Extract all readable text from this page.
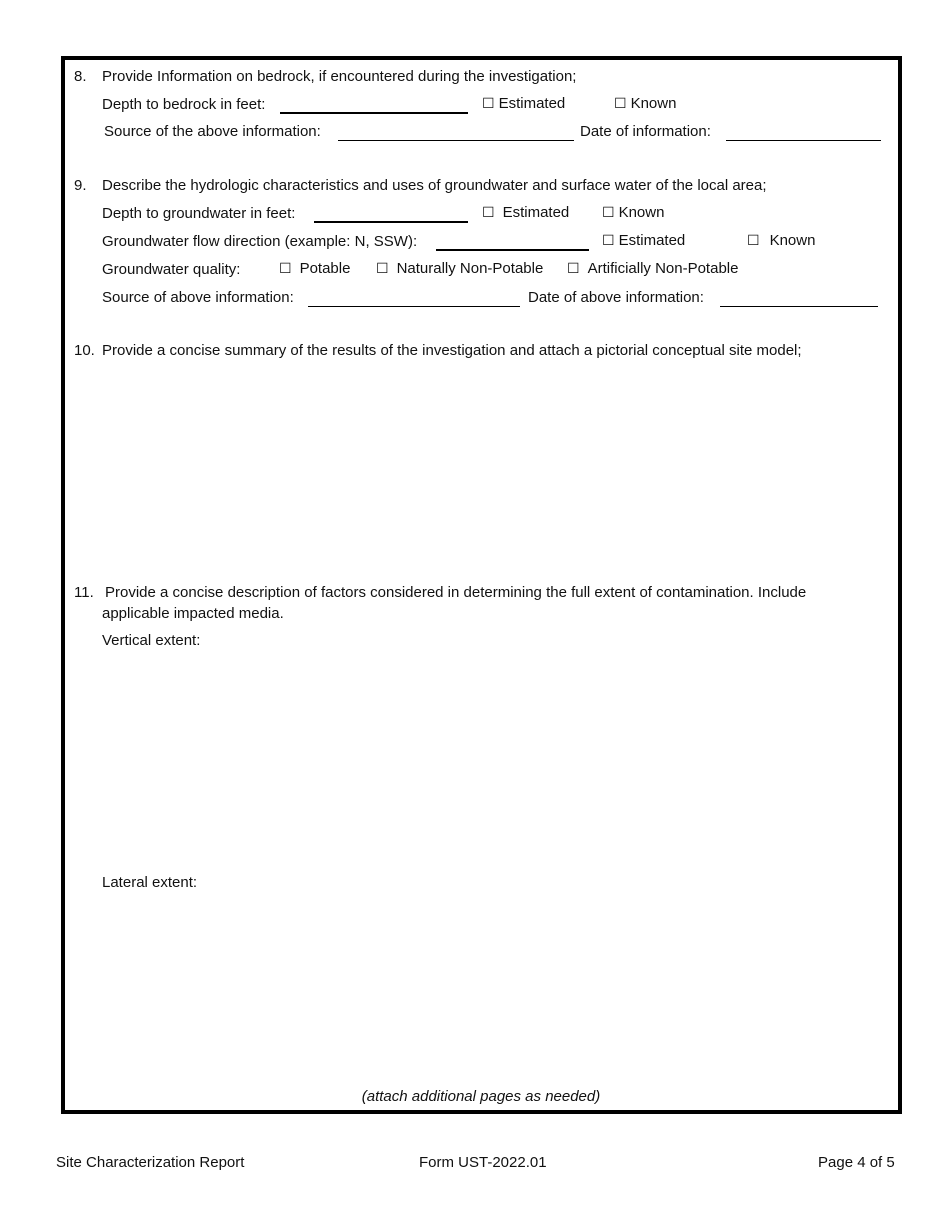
8. Provide Information on bedrock, if encountered during the investigation;
Depth to bedrock in feet:	☐ Estimated	☐ Known
Source of the above information:	Date of information:
9. Describe the hydrologic characteristics and uses of groundwater and surface water of the local area;
Depth to groundwater in feet:	☐ Estimated ☐ Known
Groundwater flow direction (example: N, SSW):	☐ Estimated	☐ Known
Groundwater quality:	☐ Potable ☐ Naturally Non-Potable ☐ Artificially Non-Potable
Source of above information:	Date of above information:
10. Provide a concise summary of the results of the investigation and attach a pictorial conceptual site model;
11. Provide a concise description of factors considered in determining the full extent of contamination. Include
applicable impacted media.
Vertical extent:
Lateral extent:
(attach additional pages as needed)
Site Characterization Report	Form UST-2022.01	Page 4 of 5
